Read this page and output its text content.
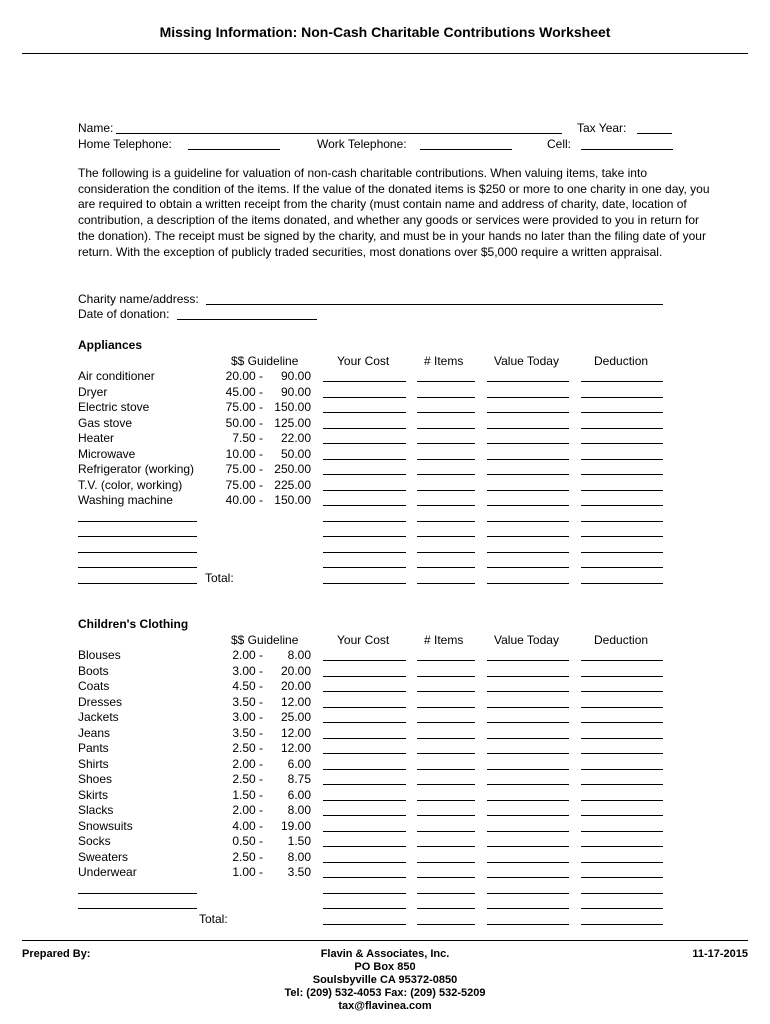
Missing Information: Non-Cash Charitable Contributions Worksheet
Name:	Tax Year:
Home Telephone:	Work Telephone:	Cell:
The following is a guideline for valuation of non-cash charitable contributions. When valuing items, take into consideration the condition of the items. If the value of the donated items is $250 or more to one charity in one day, you are required to obtain a written receipt from the charity (must contain name and address of charity, date, location of contribution, a description of the items donated, and whether any goods or services were provided to you in return for the donation). The receipt must be signed by the charity, and must be in your hands no later than the filing date of your return. With the exception of publicly traded securities, most donations over $5,000 require a written appraisal.
Charity name/address:
Date of donation:
Appliances
$$ Guideline	Your Cost	# Items	Value Today	Deduction
Air conditioner	20.00 -	90.00
Dryer	45.00 -	90.00
Electric stove	75.00 - 150.00
Gas stove	50.00 - 125.00
Heater	7.50 -	22.00
Microwave	10.00 -	50.00
Refrigerator (working)	75.00 - 250.00
T.V. (color, working)	75.00 - 225.00
Washing machine	40.00 - 150.00
Total:
Children's Clothing
$$ Guideline	Your Cost	# Items	Value Today	Deduction
Blouses	2.00 -	8.00
Boots	3.00 -	20.00
Coats	4.50 -	20.00
Dresses	3.50 -	12.00
Jackets	3.00 -	25.00
Jeans	3.50 -	12.00
Pants	2.50 -	12.00
Shirts	2.00 -	6.00
Shoes	2.50 -	8.75
Skirts	1.50 -	6.00
Slacks	2.00 -	8.00
Snowsuits	4.00 -	19.00
Socks	0.50 -	1.50
Sweaters	2.50 -	8.00
Underwear	1.00 -	3.50
Total:
Prepared By:	Flavin & Associates, Inc.
PO Box 850
Soulsbyville CA 95372-0850
Tel: (209) 532-4053 Fax: (209) 532-5209
tax@flavinea.com
11-17-2015
